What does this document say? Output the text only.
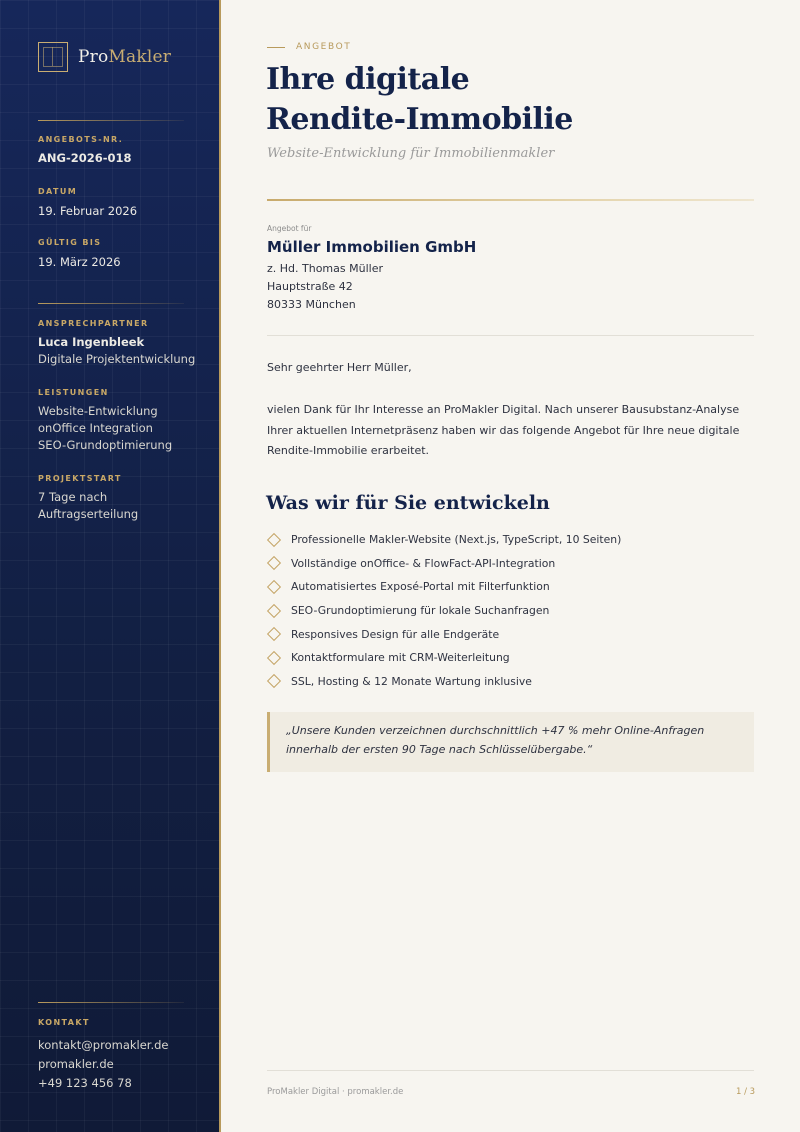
ProMakler
ANGEBOTS-NR.
ANG-2026-018
DATUM
19. Februar 2026
GÜLTIG BIS
19. März 2026
ANSPRECHPARTNER
Luca Ingenbleek
Digitale Projektentwicklung
LEISTUNGEN
Website-Entwicklung
onOffice Integration
SEO-Grundoptimierung
PROJEKTSTART
7 Tage nach
Auftragserteilung
KONTAKT
kontakt@promakler.de
promakler.de
+49 123 456 78
ANGEBOT
Ihre digitale
Rendite-Immobilie
Website-Entwicklung für Immobilienmakler
Angebot für
Müller Immobilien GmbH
z. Hd. Thomas Müller
Hauptstraße 42
80333 München

Sehr geehrter Herr Müller,

vielen Dank für Ihr Interesse an ProMakler Digital. Nach unserer Bausubstanz-Analyse Ihrer aktuellen Internetpräsenz haben wir das folgende Angebot für Ihre neue digitale Rendite-Immobilie erarbeitet.

Was wir für Sie entwickeln
Professionelle Makler-Website (Next.js, TypeScript, 10 Seiten)
Vollständige onOffice- & FlowFact-API-Integration
Automatisiertes Exposé-Portal mit Filterfunktion
SEO-Grundoptimierung für lokale Suchanfragen
Responsives Design für alle Endgeräte
Kontaktformulare mit CRM-Weiterleitung
SSL, Hosting & 12 Monate Wartung inklusive
„Unsere Kunden verzeichnen durchschnittlich +47 % mehr Online-Anfragen innerhalb der ersten 90 Tage nach Schlüsselübergabe.“
ProMakler Digital · promakler.de	1 / 3
